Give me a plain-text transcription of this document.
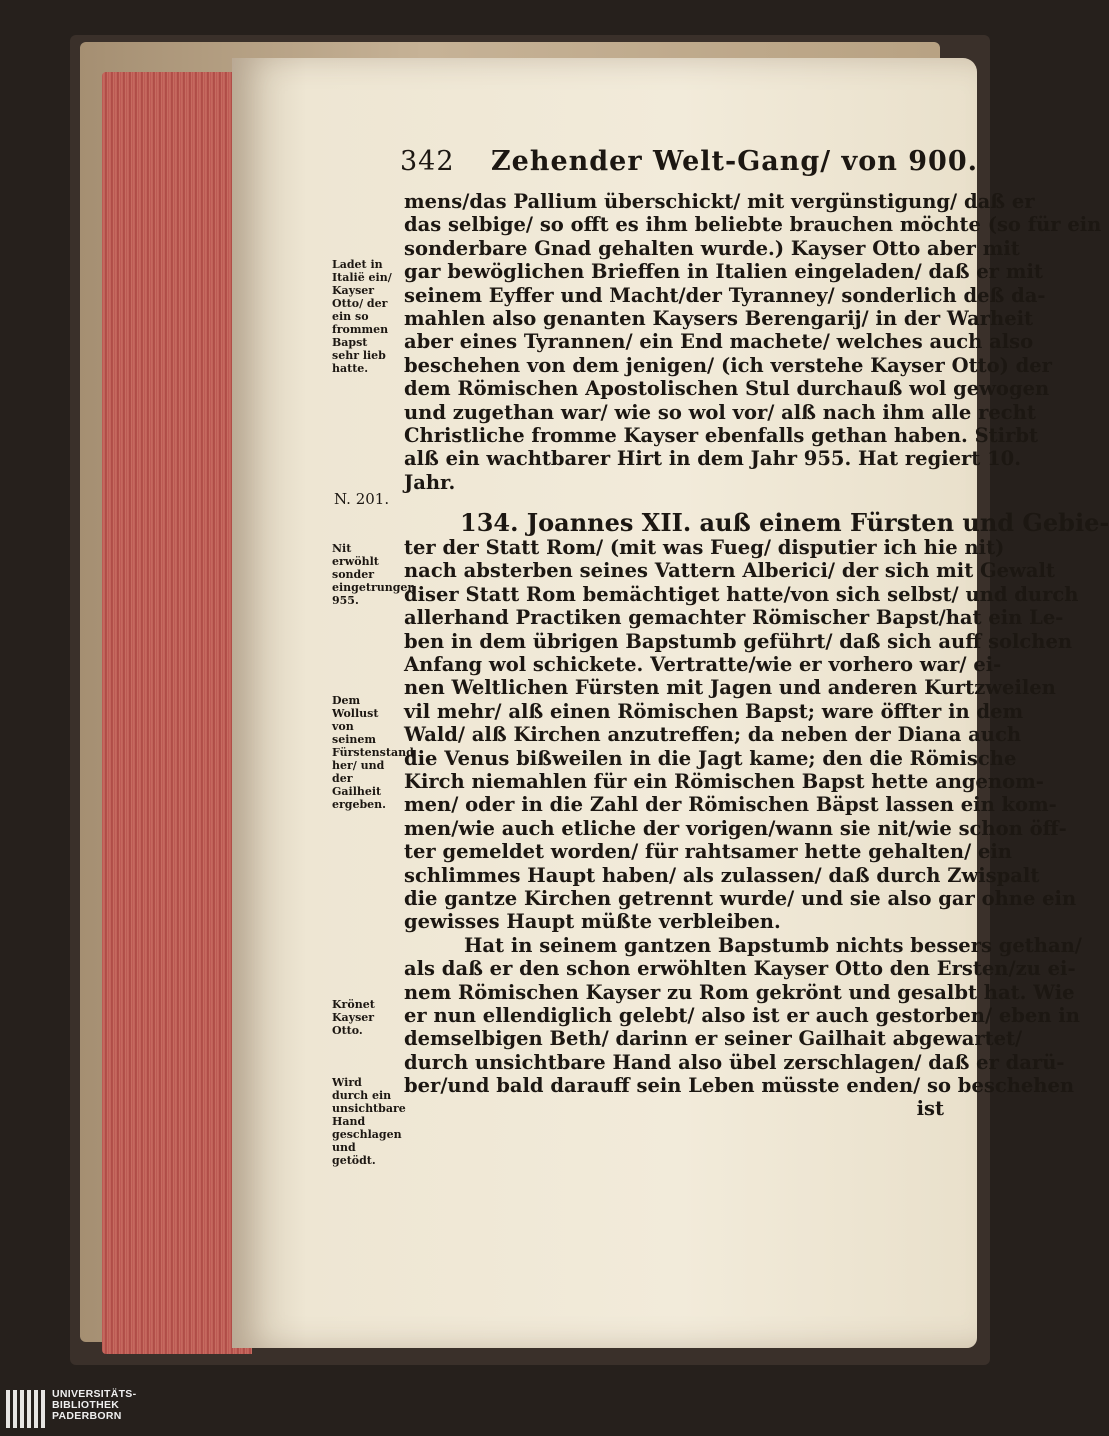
342 Zehender Welt-Gang/ von 900.
Ladet in Italië ein/ Kayser Otto/ der ein so frommen Bapst sehr lieb hatte.
N. 201.
Nit erwöhlt sonder eingetrungen 955.
Dem Wollust von seinem Fürstenstand her/ und der Gailheit ergeben.
Krönet Kayser Otto.
Wird durch ein unsichtbare Hand geschlagen und getödt.
mens/das Pallium überschickt/ mit vergünstigung/ daß er
das selbige/ so offt es ihm beliebte brauchen möchte (so für ein
sonderbare Gnad gehalten wurde.) Kayser Otto aber mit
gar bewöglichen Brieffen in Italien eingeladen/ daß er mit
seinem Eyffer und Macht/der Tyranney/ sonderlich deß da-
mahlen also genanten Kaysers Berengarij/ in der Warheit
aber eines Tyrannen/ ein End machete/ welches auch also
beschehen von dem jenigen/ (ich verstehe Kayser Otto) der
dem Römischen Apostolischen Stul durchauß wol gewogen
und zugethan war/ wie so wol vor/ alß nach ihm alle recht
Christliche fromme Kayser ebenfalls gethan haben. Stirbt
alß ein wachtbarer Hirt in dem Jahr 955. Hat regiert 10.
Jahr.
134. Joannes XII. auß einem Fürsten und Gebie-
ter der Statt Rom/ (mit was Fueg/ disputier ich hie nit)
nach absterben seines Vattern Alberici/ der sich mit Gewalt
diser Statt Rom bemächtiget hatte/von sich selbst/ und durch
allerhand Practiken gemachter Römischer Bapst/hat ein Le-
ben in dem übrigen Bapstumb geführt/ daß sich auff solchen
Anfang wol schickete. Vertratte/wie er vorhero war/ ei-
nen Weltlichen Fürsten mit Jagen und anderen Kurtzweilen
vil mehr/ alß einen Römischen Bapst; ware öffter in dem
Wald/ alß Kirchen anzutreffen; da neben der Diana auch
die Venus bißweilen in die Jagt kame; den die Römische
Kirch niemahlen für ein Römischen Bapst hette angenom-
men/ oder in die Zahl der Römischen Bäpst lassen ein kom-
men/wie auch etliche der vorigen/wann sie nit/wie schon öff-
ter gemeldet worden/ für rahtsamer hette gehalten/ ein
schlimmes Haupt haben/ als zulassen/ daß durch Zwispalt
die gantze Kirchen getrennt wurde/ und sie also gar ohne ein
gewisses Haupt müßte verbleiben.
Hat in seinem gantzen Bapstumb nichts bessers gethan/
als daß er den schon erwöhlten Kayser Otto den Ersten/zu ei-
nem Römischen Kayser zu Rom gekrönt und gesalbt hat. Wie
er nun ellendiglich gelebt/ also ist er auch gestorben/ eben in
demselbigen Beth/ darinn er seiner Gailhait abgewartet/
durch unsichtbare Hand also übel zerschlagen/ daß er darü-
ber/und bald darauff sein Leben müsste enden/ so beschehen
ist
UNIVERSITÄTS-
BIBLIOTHEK
PADERBORN
